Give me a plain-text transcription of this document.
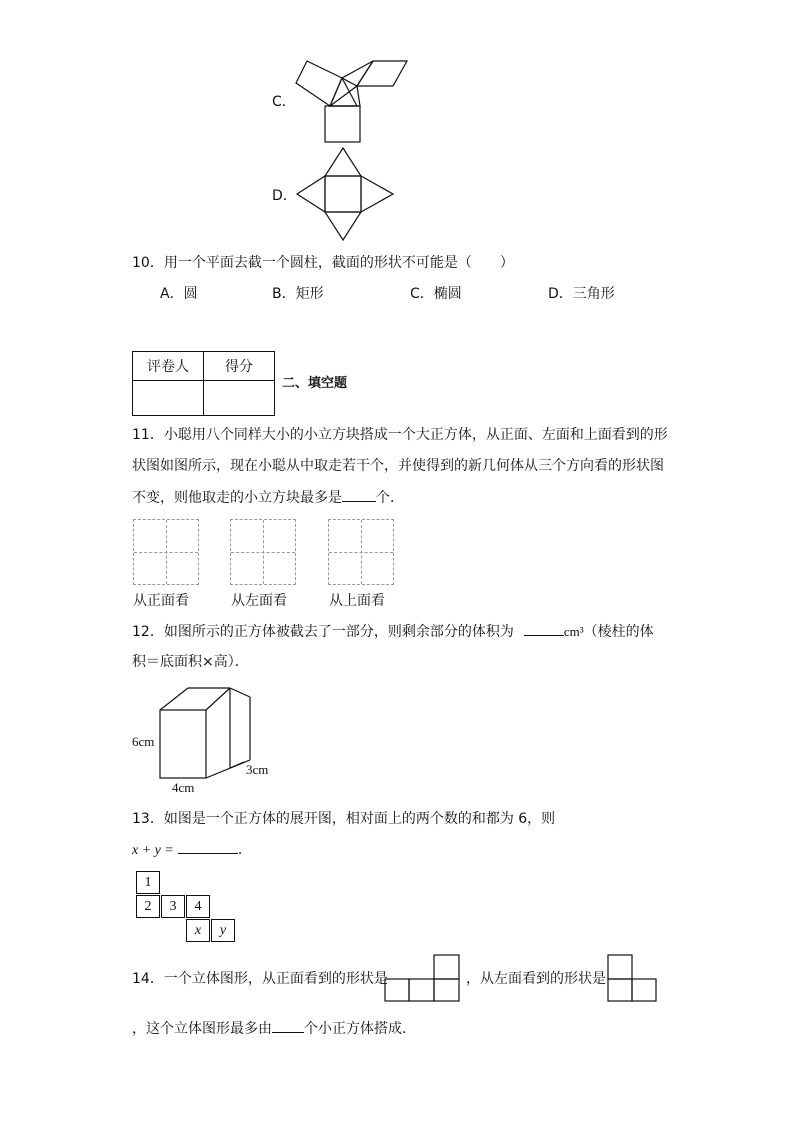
C．
D．
10．用一个平面去截一个圆柱，截面的形状不可能是（　　）
A．圆	B．矩形	C．椭圆	D．三角形
评卷人	得分

二、填空题
11．小聪用八个同样大小的小立方块搭成一个大正方体，从正面、左面和上面看到的形
状图如图所示，现在小聪从中取走若干个，并使得到的新几何体从三个方向看的形状图
不变，则他取走的小立方块最多是 个．
从正面看	从左面看	从上面看
12．如图所示的正方体被截去了一部分，则剩余部分的体积为	cm³（棱柱的体
积＝底面积×高）．
6cm
4cm
3cm
13．如图是一个正方体的展开图，相对面上的两个数的和都为 6，则
x + y =	．
1
2	3	4
x	y
14．一个立体图形，从正面看到的形状是	，从左面看到的形状是
，这个立体图形最多由 个小正方体搭成．
